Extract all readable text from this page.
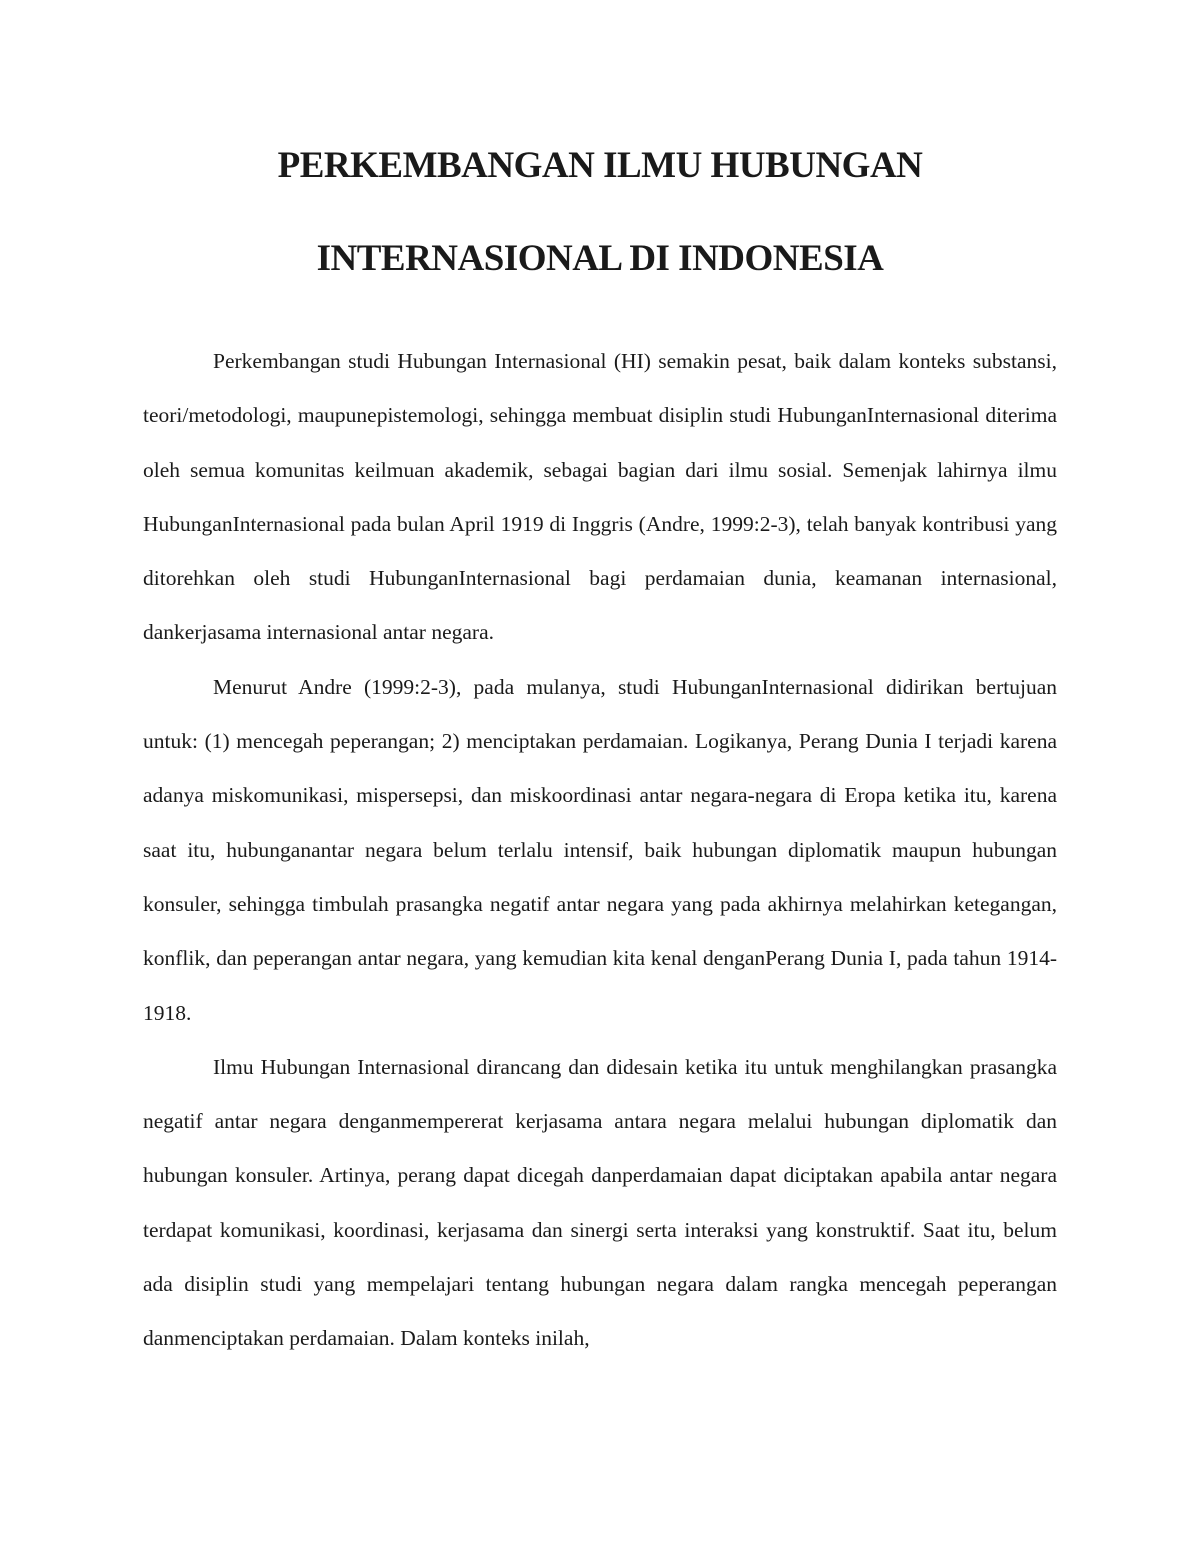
PERKEMBANGAN ILMU HUBUNGAN
INTERNASIONAL DI INDONESIA

Perkembangan studi Hubungan Internasional (HI) semakin pesat, baik dalam konteks substansi, teori/metodologi, maupunepistemologi, sehingga membuat disiplin studi HubunganInternasional diterima oleh semua komunitas keilmuan akademik, sebagai bagian dari ilmu sosial. Semenjak lahirnya ilmu HubunganInternasional pada bulan April 1919 di Inggris (Andre, 1999:2-3), telah banyak kontribusi yang ditorehkan oleh studi HubunganInternasional bagi perdamaian dunia, keamanan internasional, dankerjasama internasional antar negara.

Menurut Andre (1999:2-3), pada mulanya, studi HubunganInternasional didirikan bertujuan untuk: (1) mencegah peperangan; 2) menciptakan perdamaian. Logikanya, Perang Dunia I terjadi karena adanya miskomunikasi, mispersepsi, dan miskoordinasi antar negara-negara di Eropa ketika itu, karena saat itu, hubunganantar negara belum terlalu intensif, baik hubungan diplomatik maupun hubungan konsuler, sehingga timbulah prasangka negatif antar negara yang pada akhirnya melahirkan ketegangan, konflik, dan peperangan antar negara, yang kemudian kita kenal denganPerang Dunia I, pada tahun 1914-1918.

Ilmu Hubungan Internasional dirancang dan didesain ketika itu untuk menghilangkan prasangka negatif antar negara denganmempererat kerjasama antara negara melalui hubungan diplomatik dan hubungan konsuler. Artinya, perang dapat dicegah danperdamaian dapat diciptakan apabila antar negara terdapat komunikasi, koordinasi, kerjasama dan sinergi serta interaksi yang konstruktif. Saat itu, belum ada disiplin studi yang mempelajari tentang hubungan negara dalam rangka mencegah peperangan danmenciptakan perdamaian. Dalam konteks inilah,
